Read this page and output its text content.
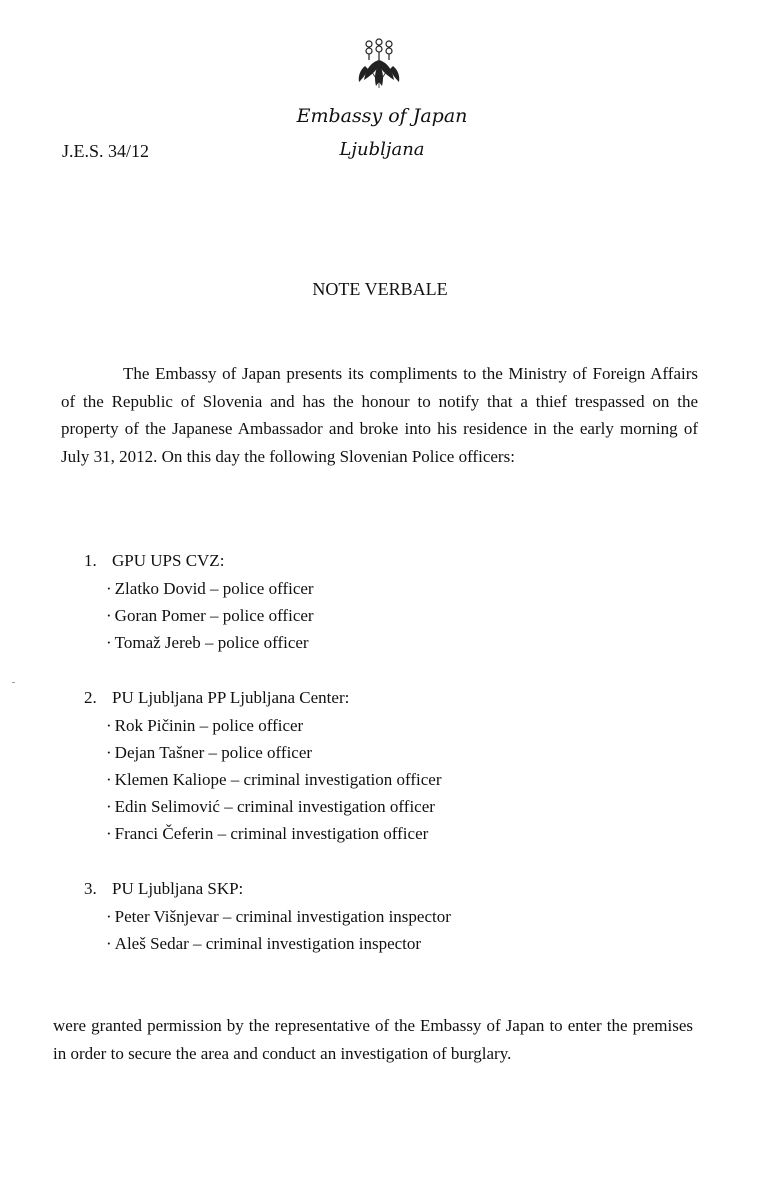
Embassy of Japan
Ljubljana
J.E.S. 34/12
NOTE VERBALE

The Embassy of Japan presents its compliments to the Ministry of Foreign Affairs of the Republic of Slovenia and has the honour to notify that a thief trespassed on the property of the Japanese Ambassador and broke into his residence in the early morning of July 31, 2012. On this day the following Slovenian Police officers:

1. GPU UPS CVZ:
· Zlatko Dovid – police officer
· Goran Pomer – police officer
· Tomaž Jereb – police officer
2. PU Ljubljana PP Ljubljana Center:
· Rok Pičinin – police officer
· Dejan Tašner – police officer
· Klemen Kaliope – criminal investigation officer
· Edin Selimović – criminal investigation officer
· Franci Čeferin – criminal investigation officer
3. PU Ljubljana SKP:
· Peter Višnjevar – criminal investigation inspector
· Aleš Sedar – criminal investigation inspector

were granted permission by the representative of the Embassy of Japan to enter the premises in order to secure the area and conduct an investigation of burglary.
